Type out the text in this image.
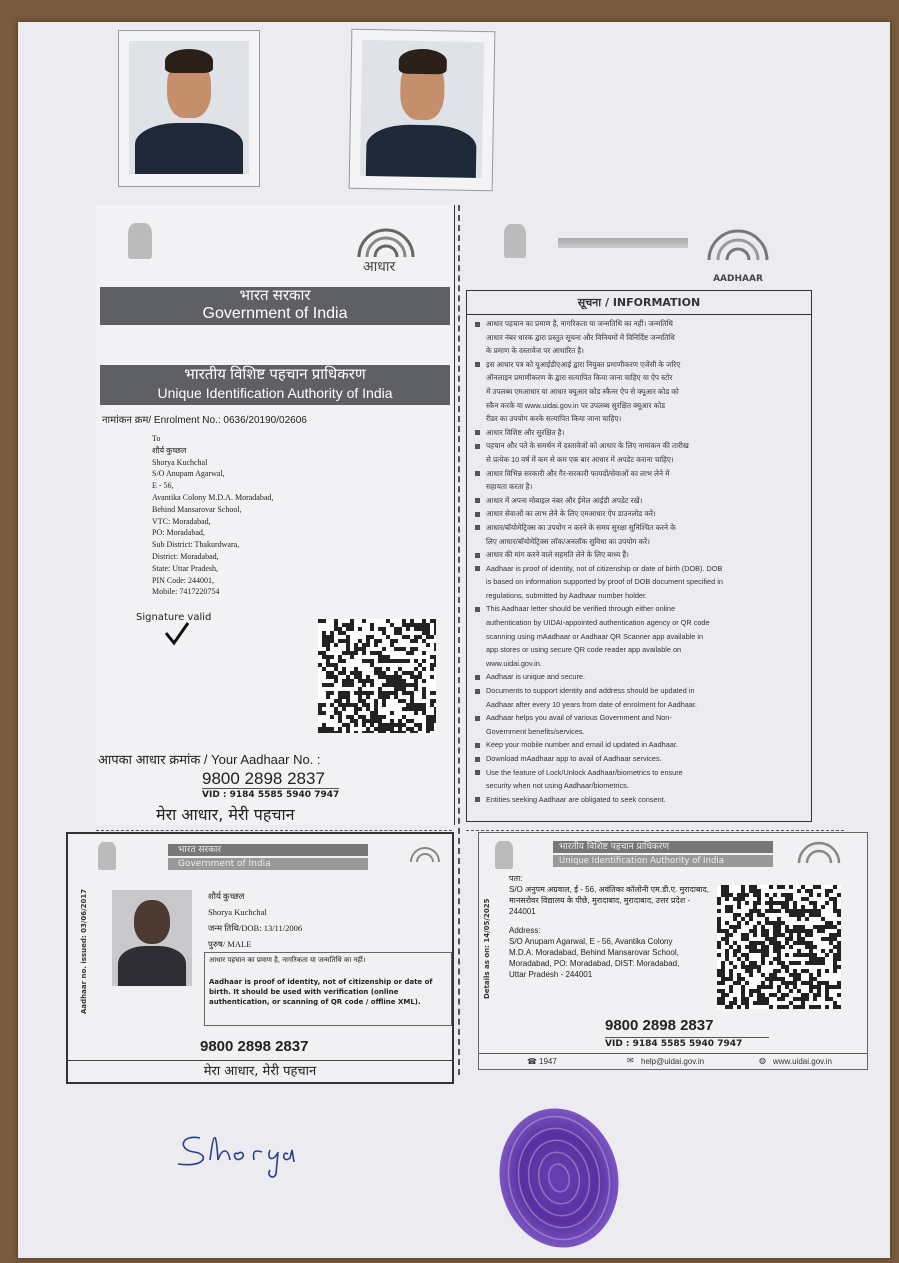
आधार
भारत सरकार
Government of India
भारतीय विशिष्ट पहचान प्राधिकरण
Unique Identification Authority of India
नामांकन क्रम/ Enrolment No.: 0636/20190/02606
To
शौर्य कुच्छल
Shorya Kuchchal
S/O Anupam Agarwal,
E - 56,
Avantika Colony M.D.A. Moradabad,
Behind Mansarovar School,
VTC: Moradabad,
PO: Moradabad,
Sub District: Thakurdwara,
District: Moradabad,
State: Uttar Pradesh,
PIN Code: 244001,
Mobile: 7417220754
Signature valid
आपका आधार क्रमांक / Your Aadhaar No. :
9800 2898 2837
VID : 9184 5585 5940 7947
मेरा आधार, मेरी पहचान
AADHAAR
सूचना / INFORMATION
आधार पहचान का प्रमाण है, नागरिकता या जन्मतिथि का नहीं। जन्मतिथि
आधार नंबर धारक द्वारा प्रस्तुत सूचना और विनियमों में विनिर्दिष्ट जन्मतिथि
के प्रमाण के दस्तावेज पर आधारित है।
इस आधार पत्र को यूआईडीएआई द्वारा नियुक्त प्रमाणीकरण एजेंसी के जरिए
ऑनलाइन प्रमाणीकरण के द्वारा सत्यापित किया जाना चाहिए या ऐप स्टोर
में उपलब्ध एमआधार या आधार क्यूआर कोड स्कैनर ऐप से क्यूआर कोड को
स्कैन करके या www.uidai.gov.in पर उपलब्ध सुरक्षित क्यूआर कोड
रीडर का उपयोग करके सत्यापित किया जाना चाहिए।
आधार विशिष्ट और सुरक्षित है।
पहचान और पते के समर्थन में दस्तावेजों को आधार के लिए नामांकन की तारीख
से प्रत्येक 10 वर्ष में कम से कम एक बार आधार में अपडेट कराना चाहिए।
आधार विभिन्न सरकारी और गैर-सरकारी फायदों/सेवाओं का लाभ लेने में
सहायता करता है।
आधार में अपना मोबाइल नंबर और ईमेल आईडी अपडेट रखें।
आधार सेवाओं का लाभ लेने के लिए एमआधार ऐप डाउनलोड करें।
आधार/बॉयोमेट्रिक्स का उपयोग न करने के समय सुरक्षा सुनिश्चित करने के
लिए आधार/बॉयोमेट्रिक्स लॉक/अनलॉक सुविधा का उपयोग करें।
आधार की मांग करने वाले सहमति लेने के लिए बाध्य हैं।
Aadhaar is proof of identity, not of citizenship or date of birth (DOB). DOB
is based on information supported by proof of DOB document specified in
regulations, submitted by Aadhaar number holder.
This Aadhaar letter should be verified through either online
authentication by UIDAI-appointed authentication agency or QR code
scanning using mAadhaar or Aadhaar QR Scanner app available in
app stores or using secure QR code reader app available on
www.uidai.gov.in.
Aadhaar is unique and secure.
Documents to support identity and address should be updated in
Aadhaar after every 10 years from date of enrolment for Aadhaar.
Aadhaar helps you avail of various Government and Non-
Government benefits/services.
Keep your mobile number and email id updated in Aadhaar.
Download mAadhaar app to avail of Aadhaar services.
Use the feature of Lock/Unlock Aadhaar/biometrics to ensure
security when not using Aadhaar/biometrics.
Entities seeking Aadhaar are obligated to seek consent.
भारत सरकार
Government of India
Aadhaar no. issued: 03/06/2017	शौर्य कुच्छल
Shorya Kuchchal
जन्म तिथि/DOB: 13/11/2006
पुरुष/ MALE
आधार पहचान का प्रमाण है, नागरिकता या जन्मतिथि का नहीं।
Aadhaar is proof of identity, not of citizenship or date of birth. It should be used with verification (online authentication, or scanning of QR code / offline XML).
9800 2898 2837
मेरा आधार, मेरी पहचान
भारतीय विशिष्ट पहचान प्राधिकरण
Unique Identification Authority of India
Details as on: 14/05/2025
पता:
S/O अनुपम अग्रवाल, ई - 56, अवंतिका कॉलोनी एम.डी.ए. मुरादाबाद, मानसरोवर विद्यालय के पीछे, मुरादाबाद, मुरादाबाद, उत्तर प्रदेश - 244001
Address:
S/O Anupam Agarwal, E - 56, Avantika Colony
M.D.A. Moradabad, Behind Mansarovar School,
Moradabad, PO: Moradabad, DIST: Moradabad,
Uttar Pradesh - 244001
9800 2898 2837
VID : 9184 5585 5940 7947
☎ 1947	✉ help@uidai.gov.in	◍ www.uidai.gov.in
